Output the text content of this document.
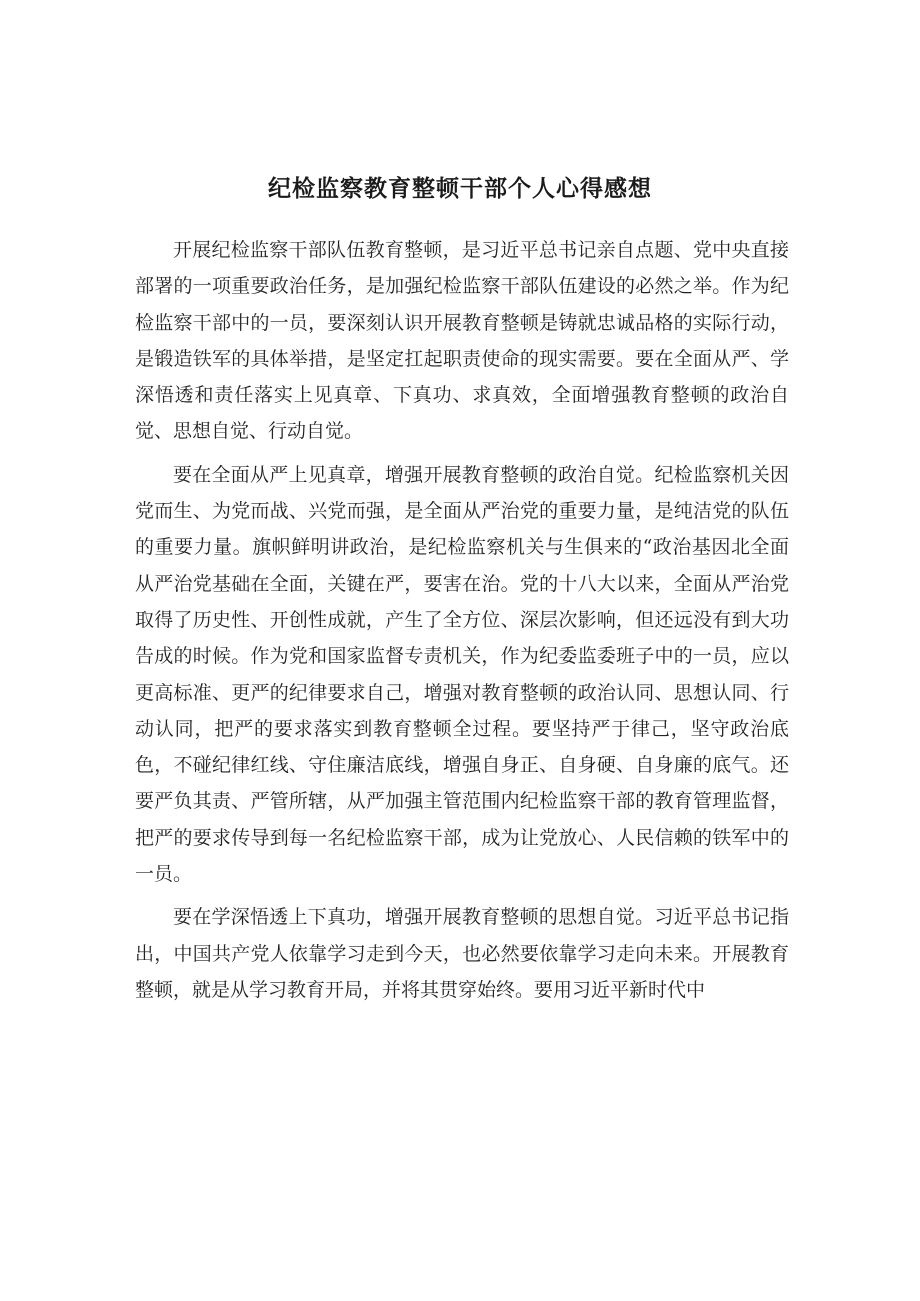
纪检监察教育整顿干部个人心得感想

开展纪检监察干部队伍教育整顿，是习近平总书记亲自点题、党中央直接部署的一项重要政治任务，是加强纪检监察干部队伍建设的必然之举。作为纪检监察干部中的一员，要深刻认识开展教育整顿是铸就忠诚品格的实际行动，是锻造铁军的具体举措，是坚定扛起职责使命的现实需要。要在全面从严、学深悟透和责任落实上见真章、下真功、求真效，全面增强教育整顿的政治自觉、思想自觉、行动自觉。

要在全面从严上见真章，增强开展教育整顿的政治自觉。纪检监察机关因党而生、为党而战、兴党而强，是全面从严治党的重要力量，是纯洁党的队伍的重要力量。旗帜鲜明讲政治，是纪检监察机关与生俱来的“政治基因北全面从严治党基础在全面，关键在严，要害在治。党的十八大以来，全面从严治党取得了历史性、开创性成就，产生了全方位、深层次影响，但还远没有到大功告成的时候。作为党和国家监督专责机关，作为纪委监委班子中的一员，应以更高标准、更严的纪律要求自己，增强对教育整顿的政治认同、思想认同、行动认同，把严的要求落实到教育整顿全过程。要坚持严于律己，坚守政治底色，不碰纪律红线、守住廉洁底线，增强自身正、自身硬、自身廉的底气。还要严负其责、严管所辖，从严加强主管范围内纪检监察干部的教育管理监督，把严的要求传导到每一名纪检监察干部，成为让党放心、人民信赖的铁军中的一员。

要在学深悟透上下真功，增强开展教育整顿的思想自觉。习近平总书记指出，中国共产党人依靠学习走到今天，也必然要依靠学习走向未来。开展教育整顿，就是从学习教育开局，并将其贯穿始终。要用习近平新时代中
